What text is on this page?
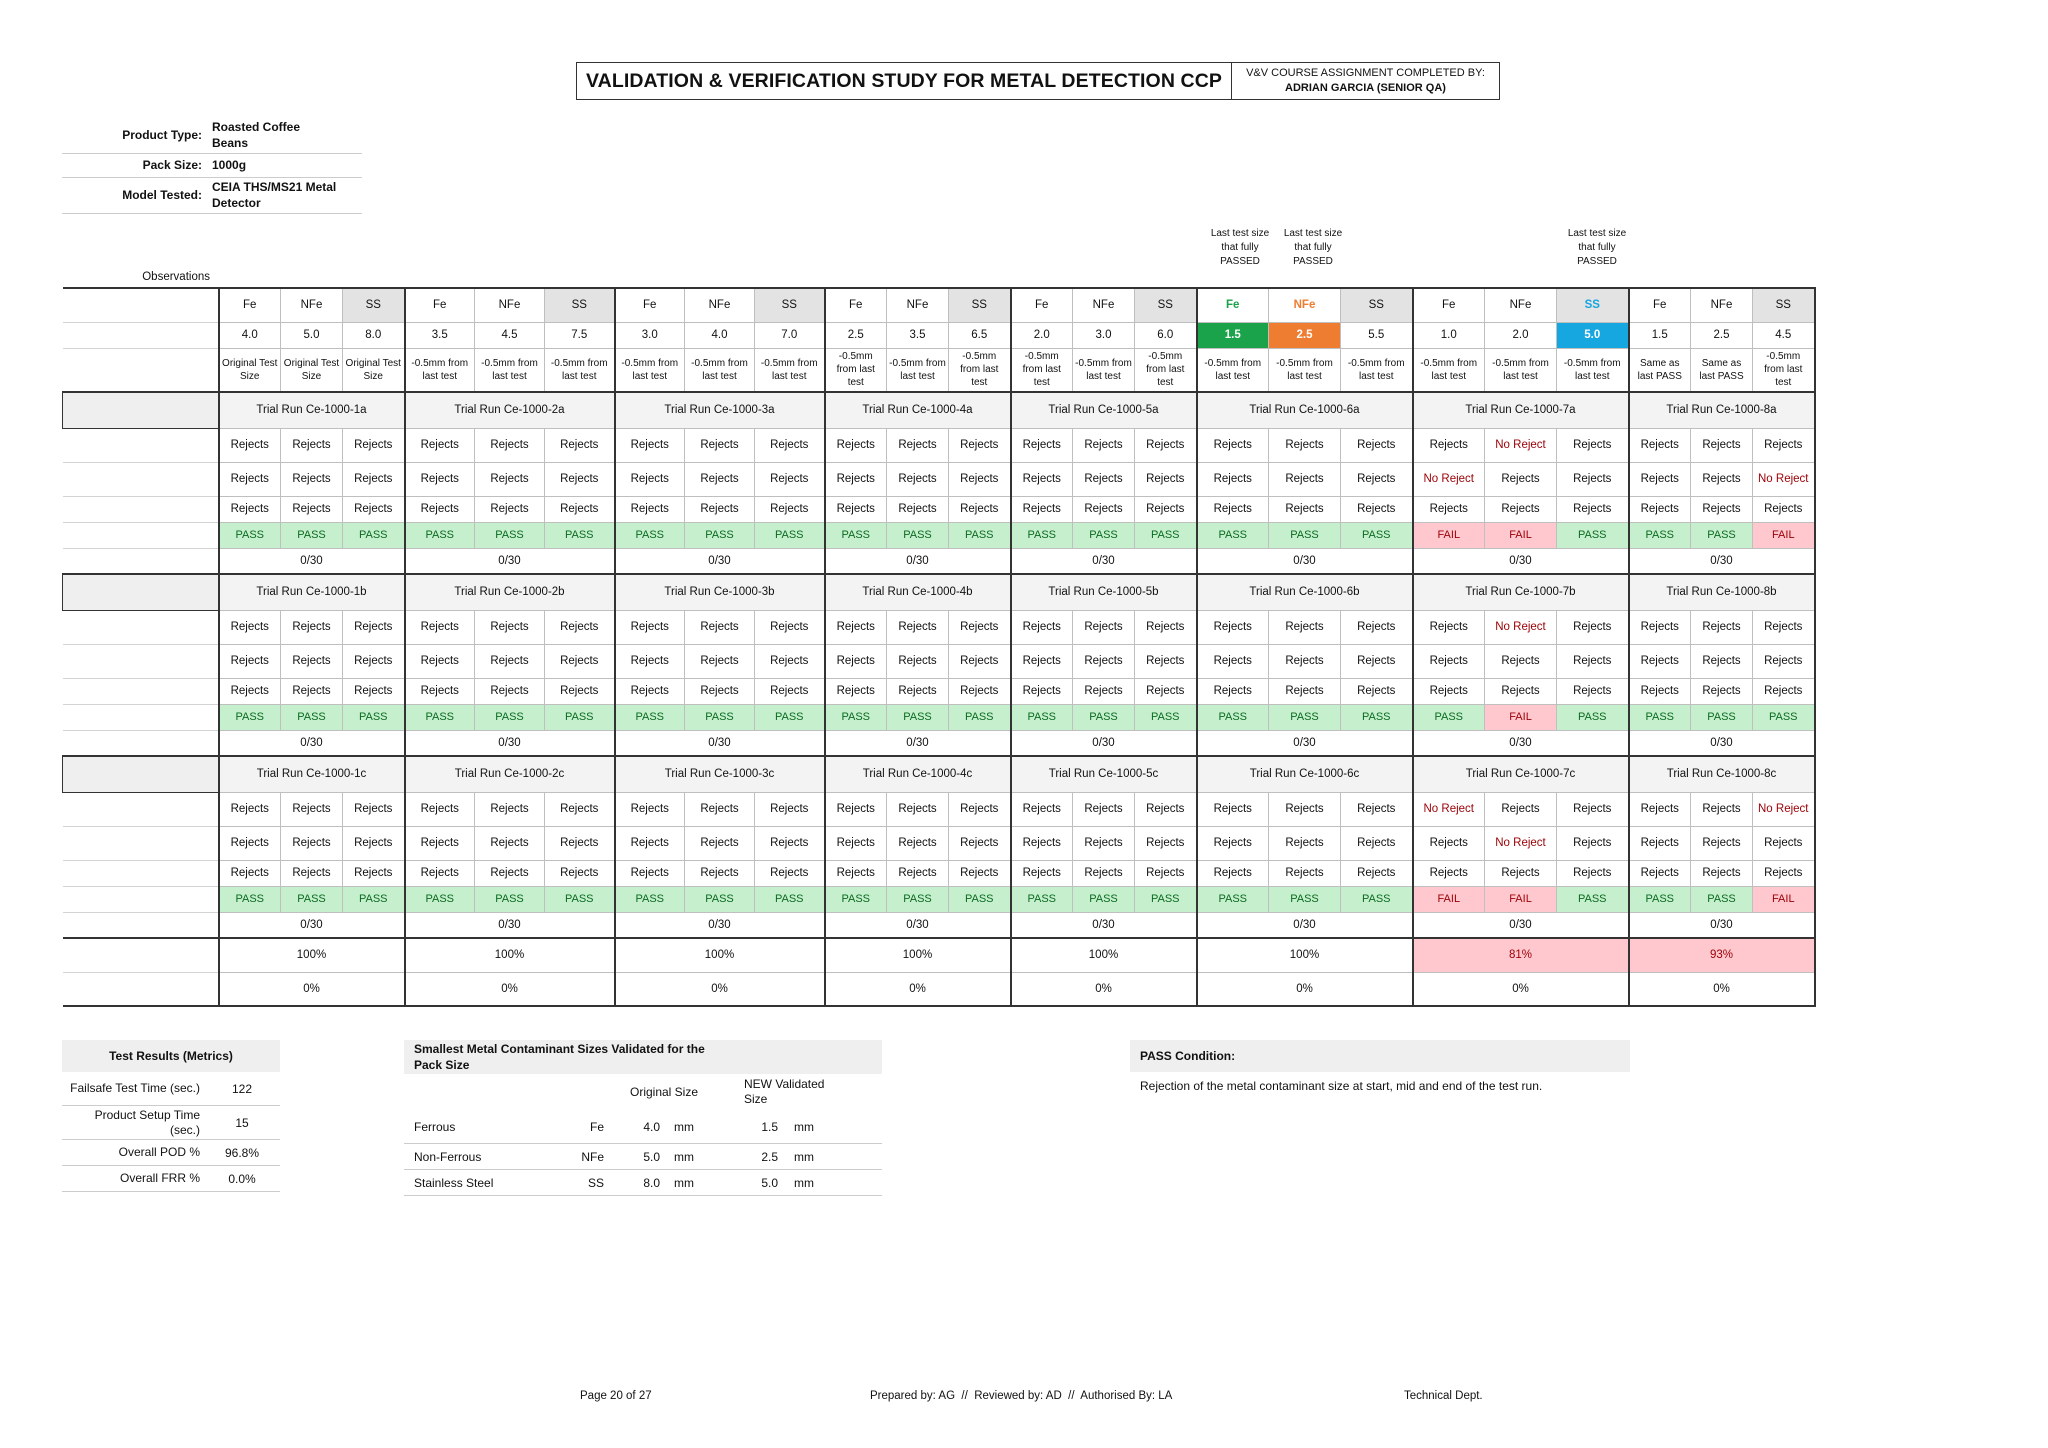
VALIDATION & VERIFICATION STUDY FOR METAL DETECTION CCP	V&V COURSE ASSIGNMENT COMPLETED BY:
ADRIAN GARCIA (SENIOR QA)
Product Type:
Roasted Coffee Beans
Pack Size: 1000g
Model Tested:
CEIA THS/MS21 Metal Detector
Last test size that fully PASSED
Last test size that fully PASSED
Last test size that fully PASSED
Observations
	Fe	NFe	SS	Fe	NFe	SS	Fe	NFe	SS	Fe	NFe	SS	Fe	NFe	SS	Fe	NFe	SS	Fe	NFe	SS	Fe	NFe	SS
	4.0	5.0	8.0	3.5	4.5	7.5	3.0	4.0	7.0	2.5	3.5	6.5	2.0	3.0	6.0	1.5	2.5	5.5	1.0	2.0	5.0	1.5	2.5	4.5
	Original Test Size	Original Test Size	Original Test Size	-0.5mm from last test	-0.5mm from last test	-0.5mm from last test	-0.5mm from last test	-0.5mm from last test	-0.5mm from last test	-0.5mm from last test	-0.5mm from last test	-0.5mm from last test	-0.5mm from last test	-0.5mm from last test	-0.5mm from last test	-0.5mm from last test	-0.5mm from last test	-0.5mm from last test	-0.5mm from last test	-0.5mm from last test	-0.5mm from last test	Same as last PASS	Same as last PASS	-0.5mm from last test
	Trial Run Ce-1000-1a			Trial Run Ce-1000-2a			Trial Run Ce-1000-3a			Trial Run Ce-1000-4a			Trial Run Ce-1000-5a			Trial Run Ce-1000-6a			Trial Run Ce-1000-7a			Trial Run Ce-1000-8a		
	Rejects	Rejects	Rejects	Rejects	Rejects	Rejects	Rejects	Rejects	Rejects	Rejects	Rejects	Rejects	Rejects	Rejects	Rejects	Rejects	Rejects	Rejects	Rejects	No Reject	Rejects	Rejects	Rejects	Rejects
	Rejects	Rejects	Rejects	Rejects	Rejects	Rejects	Rejects	Rejects	Rejects	Rejects	Rejects	Rejects	Rejects	Rejects	Rejects	Rejects	Rejects	Rejects	No Reject	Rejects	Rejects	Rejects	Rejects	No Reject
	Rejects	Rejects	Rejects	Rejects	Rejects	Rejects	Rejects	Rejects	Rejects	Rejects	Rejects	Rejects	Rejects	Rejects	Rejects	Rejects	Rejects	Rejects	Rejects	Rejects	Rejects	Rejects	Rejects	Rejects
	PASS	PASS	PASS	PASS	PASS	PASS	PASS	PASS	PASS	PASS	PASS	PASS	PASS	PASS	PASS	PASS	PASS	PASS	FAIL	FAIL	PASS	PASS	PASS	FAIL
	0/30			0/30			0/30			0/30			0/30			0/30			0/30			0/30		
	Trial Run Ce-1000-1b			Trial Run Ce-1000-2b			Trial Run Ce-1000-3b			Trial Run Ce-1000-4b			Trial Run Ce-1000-5b			Trial Run Ce-1000-6b			Trial Run Ce-1000-7b			Trial Run Ce-1000-8b		
	Rejects	Rejects	Rejects	Rejects	Rejects	Rejects	Rejects	Rejects	Rejects	Rejects	Rejects	Rejects	Rejects	Rejects	Rejects	Rejects	Rejects	Rejects	Rejects	No Reject	Rejects	Rejects	Rejects	Rejects
	Rejects	Rejects	Rejects	Rejects	Rejects	Rejects	Rejects	Rejects	Rejects	Rejects	Rejects	Rejects	Rejects	Rejects	Rejects	Rejects	Rejects	Rejects	Rejects	Rejects	Rejects	Rejects	Rejects	Rejects
	Rejects	Rejects	Rejects	Rejects	Rejects	Rejects	Rejects	Rejects	Rejects	Rejects	Rejects	Rejects	Rejects	Rejects	Rejects	Rejects	Rejects	Rejects	Rejects	Rejects	Rejects	Rejects	Rejects	Rejects
	PASS	PASS	PASS	PASS	PASS	PASS	PASS	PASS	PASS	PASS	PASS	PASS	PASS	PASS	PASS	PASS	PASS	PASS	PASS	FAIL	PASS	PASS	PASS	PASS
	0/30			0/30			0/30			0/30			0/30			0/30			0/30			0/30		
	Trial Run Ce-1000-1c			Trial Run Ce-1000-2c			Trial Run Ce-1000-3c			Trial Run Ce-1000-4c			Trial Run Ce-1000-5c			Trial Run Ce-1000-6c			Trial Run Ce-1000-7c			Trial Run Ce-1000-8c		
	Rejects	Rejects	Rejects	Rejects	Rejects	Rejects	Rejects	Rejects	Rejects	Rejects	Rejects	Rejects	Rejects	Rejects	Rejects	Rejects	Rejects	Rejects	No Reject	Rejects	Rejects	Rejects	Rejects	No Reject
	Rejects	Rejects	Rejects	Rejects	Rejects	Rejects	Rejects	Rejects	Rejects	Rejects	Rejects	Rejects	Rejects	Rejects	Rejects	Rejects	Rejects	Rejects	Rejects	No Reject	Rejects	Rejects	Rejects	Rejects
	Rejects	Rejects	Rejects	Rejects	Rejects	Rejects	Rejects	Rejects	Rejects	Rejects	Rejects	Rejects	Rejects	Rejects	Rejects	Rejects	Rejects	Rejects	Rejects	Rejects	Rejects	Rejects	Rejects	Rejects
	PASS	PASS	PASS	PASS	PASS	PASS	PASS	PASS	PASS	PASS	PASS	PASS	PASS	PASS	PASS	PASS	PASS	PASS	FAIL	FAIL	PASS	PASS	PASS	FAIL
	0/30			0/30			0/30			0/30			0/30			0/30			0/30			0/30		
	100%			100%			100%			100%			100%			100%			81%			93%		
	0%			0%			0%			0%			0%			0%			0%			0%		
Test Results (Metrics)
Failsafe Test Time (sec.)	122
Product Setup Time (sec.)	15
Overall POD %	96.8%
Overall FRR %	0.0%
Smallest Metal Contaminant Sizes Validated for the Pack Size
Original Size
NEW Validated Size
Ferrous	Fe	4.0	mm	1.5	mm
Non-Ferrous	NFe	5.0	mm	2.5	mm
Stainless Steel	SS	8.0	mm	5.0	mm
PASS Condition:
Rejection of the metal contaminant size at start, mid and end of the test run.
Page 20 of 27	Prepared by: AG  //  Reviewed by: AD  //  Authorised By: LA	Technical Dept.
